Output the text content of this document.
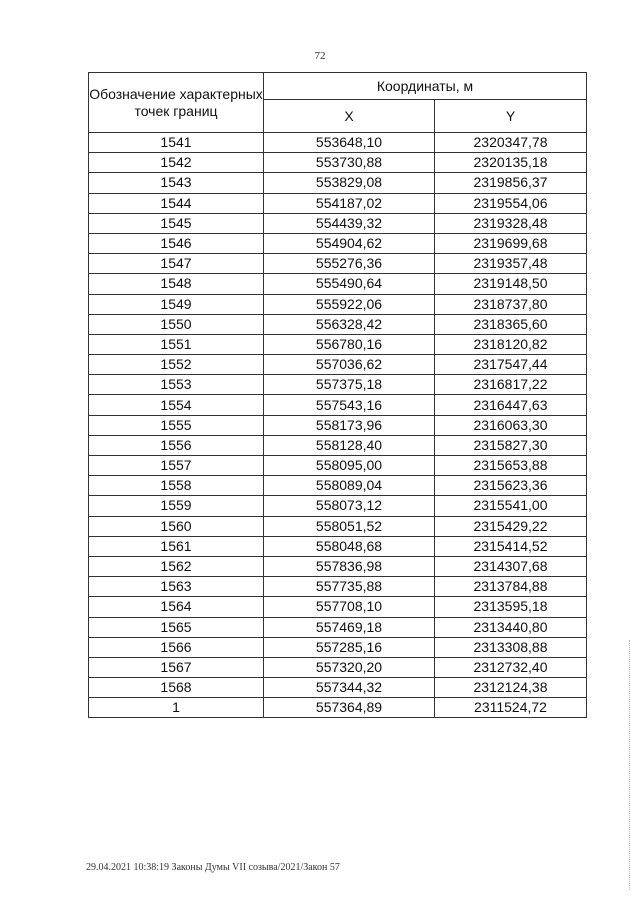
72
Обозначение характерных точек границ	Координаты, м	
	X	Y
1541	553648,10	2320347,78
1542	553730,88	2320135,18
1543	553829,08	2319856,37
1544	554187,02	2319554,06
1545	554439,32	2319328,48
1546	554904,62	2319699,68
1547	555276,36	2319357,48
1548	555490,64	2319148,50
1549	555922,06	2318737,80
1550	556328,42	2318365,60
1551	556780,16	2318120,82
1552	557036,62	2317547,44
1553	557375,18	2316817,22
1554	557543,16	2316447,63
1555	558173,96	2316063,30
1556	558128,40	2315827,30
1557	558095,00	2315653,88
1558	558089,04	2315623,36
1559	558073,12	2315541,00
1560	558051,52	2315429,22
1561	558048,68	2315414,52
1562	557836,98	2314307,68
1563	557735,88	2313784,88
1564	557708,10	2313595,18
1565	557469,18	2313440,80
1566	557285,16	2313308,88
1567	557320,20	2312732,40
1568	557344,32	2312124,38
1	557364,89	2311524,72
29.04.2021 10:38:19 Законы Думы VII созыва/2021/Закон 57
